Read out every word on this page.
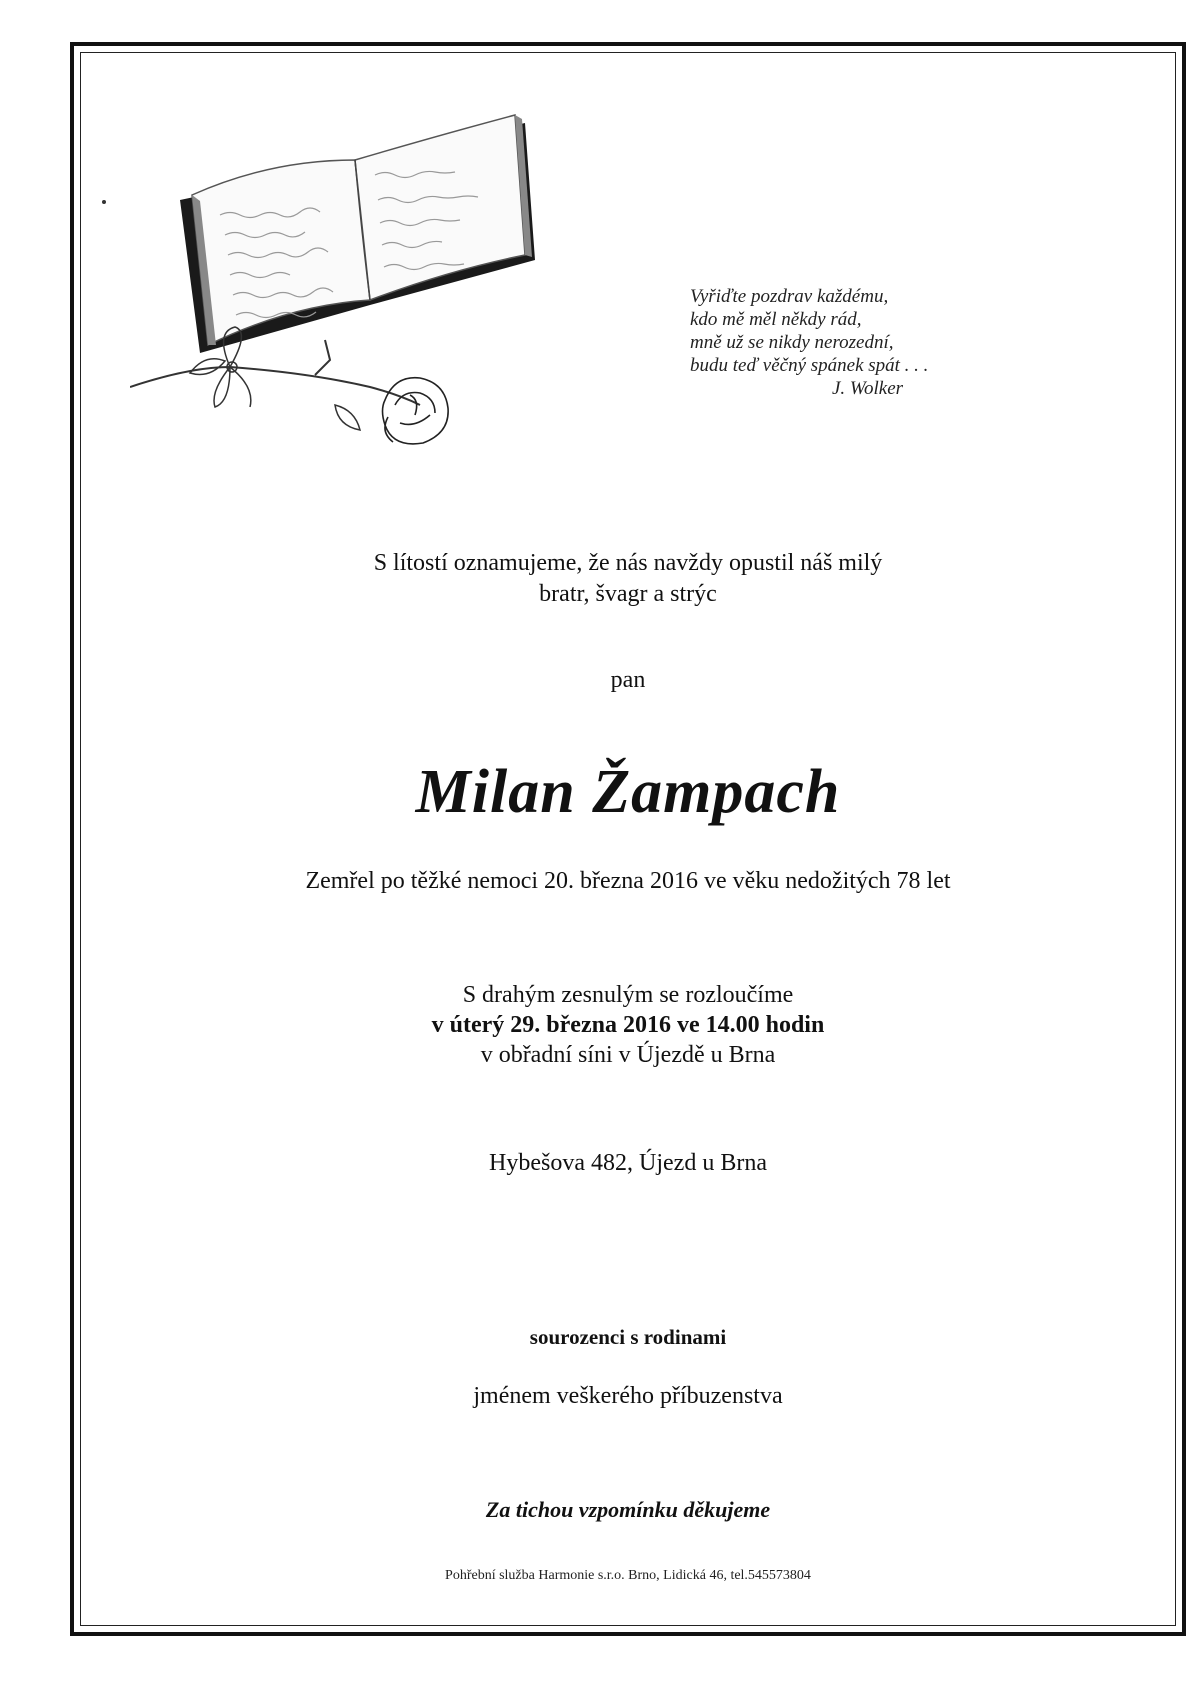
Vyřiďte pozdrav každému,
kdo mě měl někdy rád,
mně už se nikdy nerozední,
budu teď věčný spánek spát . . .
J. Wolker
S lítostí oznamujeme, že nás navždy opustil náš milý
bratr, švagr a strýc
pan
Milan Žampach
Zemřel po těžké nemoci 20. března 2016 ve věku nedožitých 78 let
S drahým zesnulým se rozloučíme
v úterý 29. března 2016 ve 14.00 hodin
v obřadní síni v Újezdě u Brna
Hybešova 482, Újezd u Brna
sourozenci s rodinami
jménem veškerého příbuzenstva
Za tichou vzpomínku děkujeme
Pohřební služba Harmonie s.r.o. Brno, Lidická 46, tel.545573804
